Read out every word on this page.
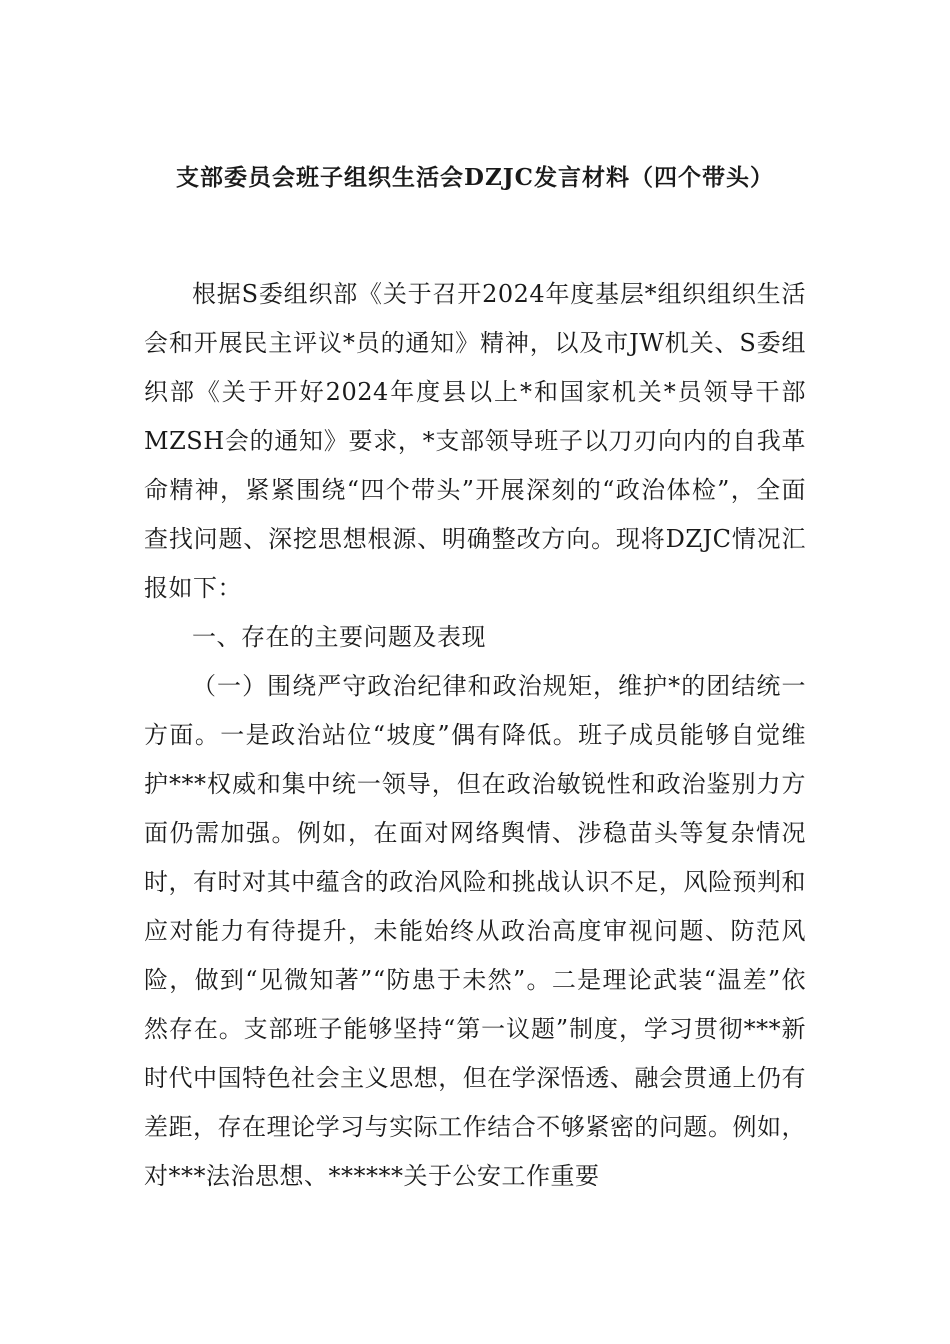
支部委员会班子组织生活会DZJC发言材料（四个带头）

根据S委组织部《关于召开2024年度基层*组织组织生活会和开展民主评议*员的通知》精神，以及市JW机关、S委组织部《关于开好2024年度县以上*和国家机关*员领导干部MZSH会的通知》要求，*支部领导班子以刀刃向内的自我革命精神，紧紧围绕“四个带头”开展深刻的“政治体检”，全面查找问题、深挖思想根源、明确整改方向。现将DZJC情况汇报如下：

一、存在的主要问题及表现

（一）围绕严守政治纪律和政治规矩，维护*的团结统一方面。一是政治站位“坡度”偶有降低。班子成员能够自觉维护***权威和集中统一领导，但在政治敏锐性和政治鉴别力方面仍需加强。例如，在面对网络舆情、涉稳苗头等复杂情况时，有时对其中蕴含的政治风险和挑战认识不足，风险预判和应对能力有待提升，未能始终从政治高度审视问题、防范风险，做到“见微知著”“防患于未然”。二是理论武装“温差”依然存在。支部班子能够坚持“第一议题”制度，学习贯彻***新时代中国特色社会主义思想，但在学深悟透、融会贯通上仍有差距，存在理论学习与实际工作结合不够紧密的问题。例如，对***法治思想、******关于公安工作重要
